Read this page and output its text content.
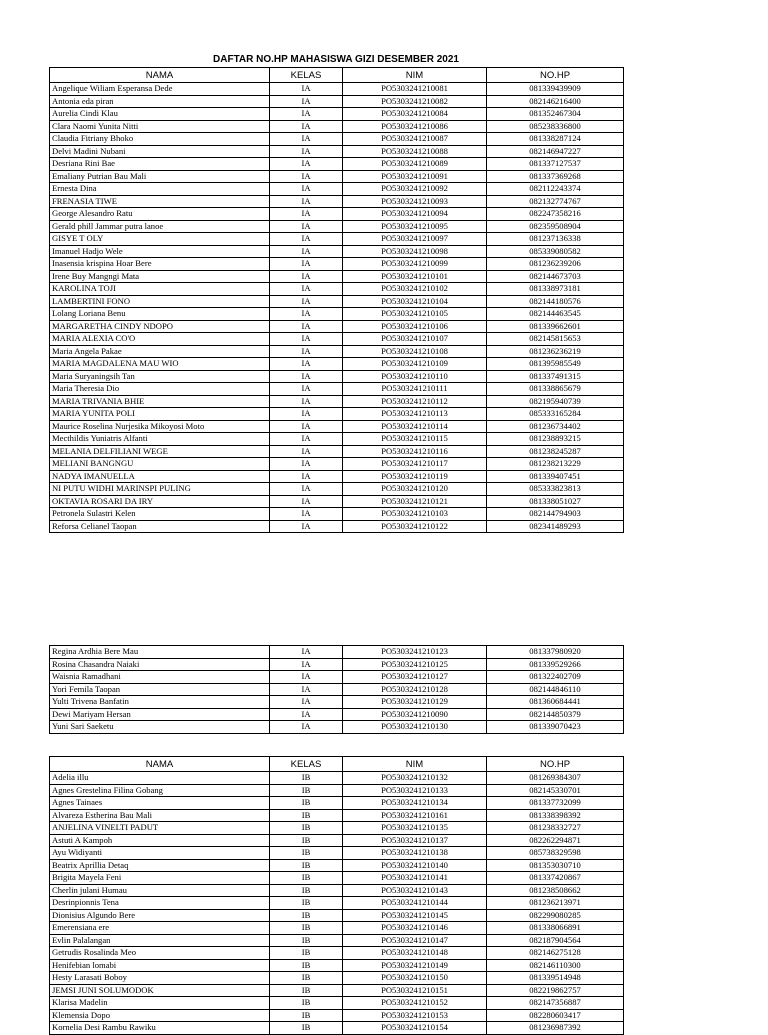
DAFTAR NO.HP MAHASISWA GIZI DESEMBER 2021
NAMA	KELAS	NIM	NO.HP
Angelique Wiliam Esperansa Dede	IA	PO5303241210081	081339439909
Antonia eda piran	IA	PO5303241210082	082146216400
Aurelia Cindi Klau	IA	PO5303241210084	081352467304
Clara Naomi Yunita Nitti	IA	PO5303241210086	085238336800
Claudia Fitriany Bhoko	IA	PO5303241210087	081338287124
Delvi Madini Nubani	IA	PO5303241210088	082146947227
Desriana Rini Bae	IA	PO5303241210089	081337127537
Emaliany Putrian Bau Mali	IA	PO5303241210091	081337369268
Ernesta Dina	IA	PO5303241210092	082112243374
FRENASIA TIWE	IA	PO5303241210093	082132774767
George Alesandro Ratu	IA	PO5303241210094	082247358216
Gerald phill Jammar putra lanoe	IA	PO5303241210095	082359508904
GISYE T OLY	IA	PO5303241210097	081237136338
Imanuel Hadjo Wele	IA	PO5303241210098	085339080582
Inasensia krispina Hoar Bere	IA	PO5303241210099	081236239206
Irene Buy Mangngi Mata	IA	PO5303241210101	082144673703
KAROLINA TOJI	IA	PO5303241210102	081338973181
LAMBERTINI FONO	IA	PO5303241210104	082144180576
Lolang Loriana Benu	IA	PO5303241210105	082144463545
MARGARETHA CINDY NDOPO	IA	PO5303241210106	081339662601
MARIA ALEXIA CO'O	IA	PO5303241210107	082145815653
Maria Angela Pakae	IA	PO5303241210108	081236236219
MARIA MAGDALENA MAU WIO	IA	PO5303241210109	081395985549
Maria Suryaningsih Tan	IA	PO5303241210110	081337491315
Maria Theresia Dio	IA	PO5303241210111	081338865679
MARIA TRIVANIA BHIE	IA	PO5303241210112	082195940739
MARIA YUNITA POLI	IA	PO5303241210113	085333165284
Maurice Roselina Nurjesika Mikoyosi Moto	IA	PO5303241210114	081236734402
Mecthildis Yuniatris Alfanti	IA	PO5303241210115	081238893215
MELANIA DELFILIANI WEGE	IA	PO5303241210116	081238245287
MELIANI BANGNGU	IA	PO5303241210117	081238213229
NADYA IMANUELLA	IA	PO5303241210119	081339407451
NI PUTU WIDHI MARINSPI PULING	IA	PO5303241210120	085333823813
OKTAVIA ROSARI DA IRY	IA	PO5303241210121	081338051027
Petronela Sulastri Kelen	IA	PO5303241210103	082144794903
Reforsa Celianel Taopan	IA	PO5303241210122	082341489293
Regina Ardhia Bere Mau	IA	PO5303241210123	081337980920
Rosina Chasandra Naiaki	IA	PO5303241210125	081339529266
Waisnia Ramadhani	IA	PO5303241210127	081322402709
Yori Femila Taopan	IA	PO5303241210128	082144846110
Yulti Trivena Banfatin	IA	PO5303241210129	081360684441
Dewi Mariyam Hersan	IA	PO5303241210090	082144850379
Yuni Sari Saeketu	IA	PO5303241210130	081339070423
NAMA	KELAS	NIM	NO.HP
Adelia illu	IB	PO5303241210132	081269384307
Agnes Grestelina Filina Gobang	IB	PO5303241210133	082145330701
Agnes Tainaes	IB	PO5303241210134	081337732099
Alvareza Estherina Bau Mali	IB	PO5303241210161	081338398392
ANJELINA VINELTI PADUT	IB	PO5303241210135	081238332727
Astuti A Kampoh	IB	PO5303241210137	082262294871
Ayu Widiyanti	IB	PO5303241210138	085738329598
Beatrix Aprillia Detaq	IB	PO5303241210140	081353030710
Brigita Mayela Feni	IB	PO5303241210141	081337420867
Cherlin julani Humau	IB	PO5303241210143	081238508662
Desrinpionnis Tena	IB	PO5303241210144	081236213971
Dionisius Algundo Bere	IB	PO5303241210145	082299080285
Emerensiana ere	IB	PO5303241210146	081338066891
Evlin Palalangan	IB	PO5303241210147	082187904564
Getrudis Rosalinda Meo	IB	PO5303241210148	082146275128
Henifebian lomabi	IB	PO5303241210149	082146110300
Hesty Larasati Boboy	IB	PO5303241210150	081339514948
JEMSI JUNI SOLUMODOK	IB	PO5303241210151	082219862757
Klarisa Madelin	IB	PO5303241210152	082147356887
Klemensia Dopo	IB	PO5303241210153	082280603417
Kornelia Desi Rambu Rawiku	IB	PO5303241210154	081236987392
